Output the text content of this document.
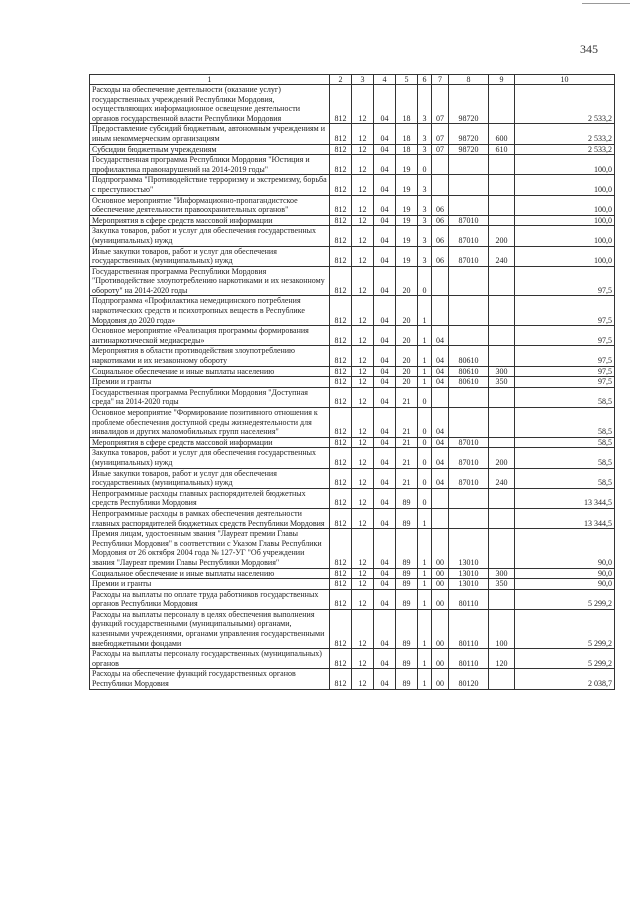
345
1	2	3	4	5	6	7	8	9	10
Расходы на обеспечение деятельности (оказание услуг) государственных учреждений Республики Мордовия, осуществляющих информационное освещение деятельности органов государственной власти Республики Мордовия	812	12	04	18	3	07	98720		2 533,2
Предоставление субсидий бюджетным, автономным учреждениям и иным некоммерческим организациям	812	12	04	18	3	07	98720	600	2 533,2
Субсидии бюджетным учреждениям	812	12	04	18	3	07	98720	610	2 533,2
Государственная программа Республики Мордовия "Юстиция и профилактика правонарушений на 2014-2019 годы"	812	12	04	19	0				100,0
Подпрограмма "Противодействие терроризму и экстремизму, борьба с преступностью"	812	12	04	19	3				100,0
Основное мероприятие "Информационно-пропагандистское обеспечение деятельности правоохранительных органов"	812	12	04	19	3	06			100,0
Мероприятия в сфере средств массовой информации	812	12	04	19	3	06	87010		100,0
Закупка товаров, работ и услуг для обеспечения государственных (муниципальных) нужд	812	12	04	19	3	06	87010	200	100,0
Иные закупки товаров, работ и услуг для обеспечения государственных (муниципальных) нужд	812	12	04	19	3	06	87010	240	100,0
Государственная программа Республики Мордовия "Противодействие злоупотреблению наркотиками и их незаконному обороту" на 2014-2020 годы	812	12	04	20	0				97,5
Подпрограмма «Профилактика немедицинского потребления наркотических средств и психотропных веществ в Республике Мордовия до 2020 года»	812	12	04	20	1				97,5
Основное мероприятие «Реализация программы формирования антинаркотической медиасреды»	812	12	04	20	1	04			97,5
Мероприятия в области противодействия злоупотреблению наркотиками и их незаконному обороту	812	12	04	20	1	04	80610		97,5
Социальное обеспечение и иные выплаты населению	812	12	04	20	1	04	80610	300	97,5
Премии и гранты	812	12	04	20	1	04	80610	350	97,5
Государственная программа Республики Мордовия "Доступная среда" на 2014-2020 годы	812	12	04	21	0				58,5
Основное мероприятие "Формирование позитивного отношения к проблеме обеспечения доступной среды жизнедеятельности для инвалидов и других маломобильных групп населения"	812	12	04	21	0	04			58,5
Мероприятия в сфере средств массовой информации	812	12	04	21	0	04	87010		58,5
Закупка товаров, работ и услуг для обеспечения государственных (муниципальных) нужд	812	12	04	21	0	04	87010	200	58,5
Иные закупки товаров, работ и услуг для обеспечения государственных (муниципальных) нужд	812	12	04	21	0	04	87010	240	58,5
Непрограммные расходы главных распорядителей бюджетных средств Республики Мордовия	812	12	04	89	0				13 344,5
Непрограммные расходы в рамках обеспечения деятельности главных распорядителей бюджетных средств Республики Мордовия	812	12	04	89	1				13 344,5
Премия лицам, удостоенным звания "Лауреат премии Главы Республики Мордовия" в соответствии с Указом Главы Республики Мордовия от 26 октября 2004 года № 127-УГ "Об учреждении звания "Лауреат премии Главы Республики Мордовия"	812	12	04	89	1	00	13010		90,0
Социальное обеспечение и иные выплаты населению	812	12	04	89	1	00	13010	300	90,0
Премии и гранты	812	12	04	89	1	00	13010	350	90,0
Расходы на выплаты по оплате труда работников государственных органов Республики Мордовия	812	12	04	89	1	00	80110		5 299,2
Расходы на выплаты персоналу в целях обеспечения выполнения функций государственными (муниципальными) органами, казенными учреждениями, органами управления государственными внебюджетными фондами	812	12	04	89	1	00	80110	100	5 299,2
Расходы на выплаты персоналу государственных (муниципальных) органов	812	12	04	89	1	00	80110	120	5 299,2
Расходы на обеспечение функций государственных органов Республики Мордовия	812	12	04	89	1	00	80120		2 038,7
